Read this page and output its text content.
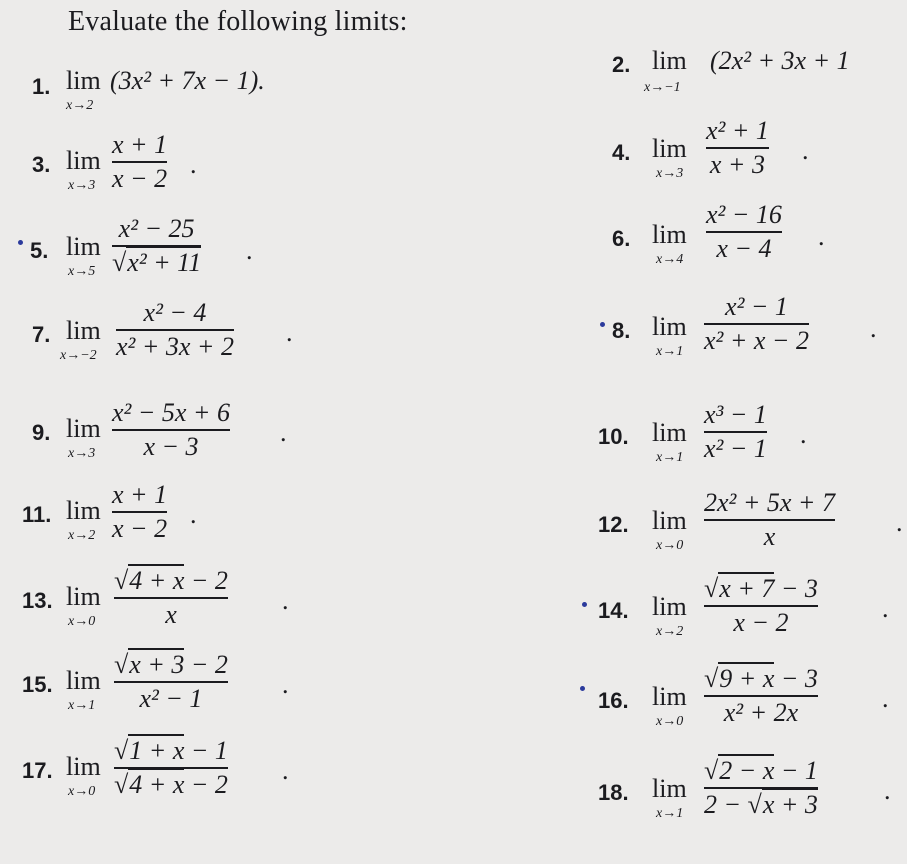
Evaluate the following limits:
1. lim
x→2
(3x² + 7x − 1).
2. lim
x→−1
(2x² + 3x + 1
3. lim
x→3
x + 1
x − 2 .	4. lim
x→3
x² + 1
x + 3 .
5. lim
x→5
x² − 25
√x² + 11 .	6. lim
x→4
x² − 16
x − 4	.
7. lim
x→−2
x² − 4
x² + 3x + 2 .	8. lim
x→1
x² − 1
x² + x − 2 .
9. lim
x→3
x² − 5x + 6
x − 3	.	10. lim
x→1
x³ − 1
x² − 1 .
11. lim
x→2
x + 1
x − 2 .	12. lim
x→0
2x² + 5x + 7
x	.
13. lim
x→0
√4 + x − 2
x	.	14. lim
x→2
√x + 7 − 3
x − 2	.
15. lim
x→1
√x + 3 − 2
x² − 1	.
16. lim
x→0
√9 + x − 3
x² + 2x	.
17. lim
x→0
√1 + x − 1
√4 + x − 2 .
18. lim
x→1
√2 − x − 1
2 − √x + 3	.
